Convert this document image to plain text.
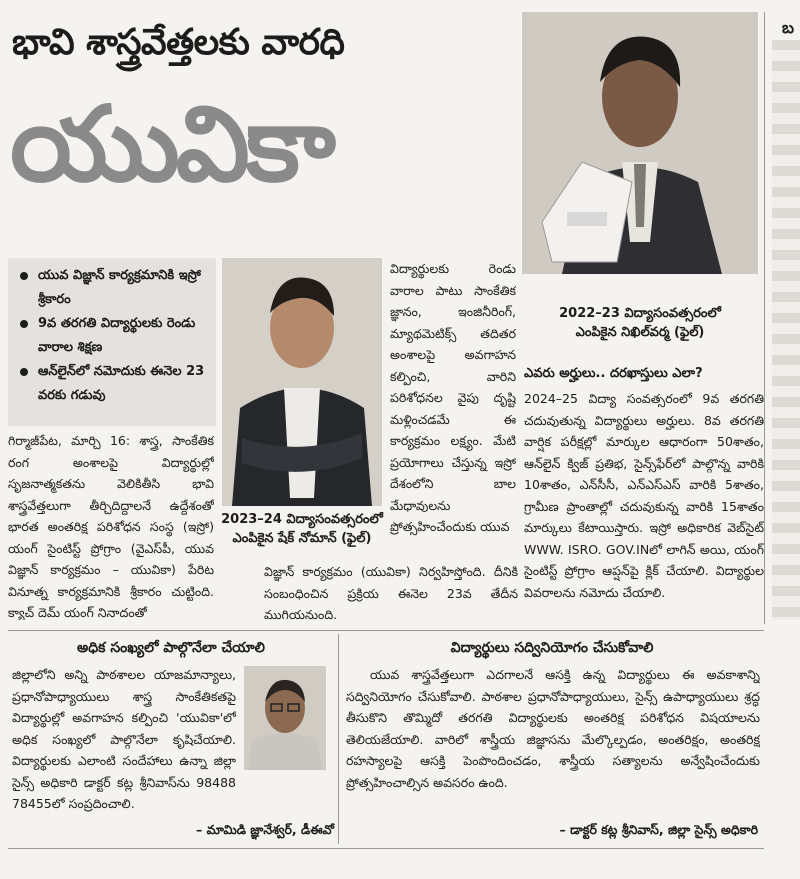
భావి శాస్త్రవేత్తలకు వారధి
యువికా
2022–23 విద్యాసంవత్సరంలో
ఎంపికైన నిఖిల్‌వర్మ (ఫైల్)
యువ విజ్ఞాన్ కార్యక్రమానికి ఇస్రో శ్రీకారం
9వ తరగతి విద్యార్థులకు రెండు వారాల శిక్షణ
ఆన్‌లైన్‌లో నమోదుకు ఈనెల 23 వరకు గడువు
2023–24 విద్యాసంవత్సరంలో
ఎంపికైన షేక్ నోమాన్ (ఫైల్)
గిర్మాజీపేట, మార్చి 16: శాస్త్ర, సాంకేతిక రంగ అంశాలపై విద్యార్థుల్లో సృజనాత్మకతను వెలికితీసి భావి శాస్త్రవేత్తలుగా తీర్చిదిద్దాలనే ఉద్దేశంతో భారత అంతరిక్ష పరిశోధన సంస్థ (ఇస్రో) యంగ్ సైంటిస్ట్ ప్రోగ్రాం (వైఎస్‌పీ, యువ విజ్ఞాన్ కార్యక్రమం – యువికా) పేరిట వినూత్న కార్యక్రమానికి శ్రీకారం చుట్టింది. క్యాచ్ దెమ్ యంగ్ నినాదంతో
విద్యార్థులకు రెండు వారాల పాటు సాంకేతిక జ్ఞానం, ఇంజినీరింగ్, మ్యాథమెటిక్స్ తదితర అంశాలపై అవగాహన కల్పించి, వారిని పరిశోధనల వైపు దృష్టి మళ్లించడమే ఈ కార్యక్రమం లక్ష్యం. మేటి ప్రయోగాలు చేస్తున్న ఇస్రో దేశంలోని బాల మేధావులను ప్రోత్సహించేందుకు యువ
విజ్ఞాన్ కార్యక్రమం (యువికా) నిర్వహిస్తోంది. దీనికి సంబంధించిన ప్రక్రియ ఈనెల 23వ తేదీన ముగియనుంది.
ఎవరు అర్హులు.. దరఖాస్తులు ఎలా?
2024–25 విద్యా సంవత్సరంలో 9వ తరగతి చదువుతున్న విద్యార్థులు అర్హులు. 8వ తరగతి వార్షిక పరీక్షల్లో మార్కుల ఆధారంగా 50శాతం, ఆన్‌లైన్ క్విజ్ ప్రతిభ, సైన్స్‌ఫేర్‌లో పాల్గొన్న వారికి 10శాతం, ఎన్‌సీసీ, ఎన్‌ఎస్‌ఎస్ వారికి 5శాతం, గ్రామీణ ప్రాంతాల్లో చదువుకున్న వారికి 15శాతం మార్కులు కేటాయిస్తారు. ఇస్రో అధికారిక వెబ్‌సైట్ WWW. ISRO. GOV.INలో లాగిన్ అయి, యంగ్ సైంటిస్ట్ ప్రోగ్రాం ఆప్షన్‌పై క్లిక్ చేయాలి. విద్యార్థుల వివరాలను నమోదు చేయాలి.
అధిక సంఖ్యలో పాల్గొనేలా చేయాలి
జిల్లాలోని అన్ని పాఠశాలల యాజమాన్యాలు, ప్రధానోపాధ్యాయులు శాస్త్ర సాంకేతికతపై విద్యార్థుల్లో అవగాహన కల్పించి 'యువికా'లో అధిక సంఖ్యలో పాల్గొనేలా కృషిచేయాలి. విద్యార్థులకు ఎలాంటి సందేహాలు ఉన్నా జిల్లా సైన్స్ అధికారి డాక్టర్ కట్ల శ్రీనివాస్‌ను 98488 78455లో సంప్రదించాలి.
– మామిడి జ్ఞానేశ్వర్, డీఈవో
విద్యార్థులు సద్వినియోగం చేసుకోవాలి
యువ శాస్త్రవేత్తలుగా ఎదగాలనే ఆసక్తి ఉన్న విద్యార్థులు ఈ అవకాశాన్ని సద్వినియోగం చేసుకోవాలి. పాఠశాల ప్రధానోపాధ్యాయులు, సైన్స్ ఉపాధ్యాయులు శ్రద్ధ తీసుకొని తొమ్మిదో తరగతి విద్యార్థులకు అంతరిక్ష పరిశోధన విషయాలను తెలియజేయాలి. వారిలో శాస్త్రీయ జిజ్ఞాసను మేల్కొల్పడం, అంతరిక్షం, అంతరిక్ష రహస్యాలపై ఆసక్తి పెంపొందించడం, శాస్త్రీయ సత్యాలను అన్వేషించేందుకు ప్రోత్సహించాల్సిన అవసరం ఉంది.
– డాక్టర్ కట్ల శ్రీనివాస్, జిల్లా సైన్స్ అధికారి
బ
